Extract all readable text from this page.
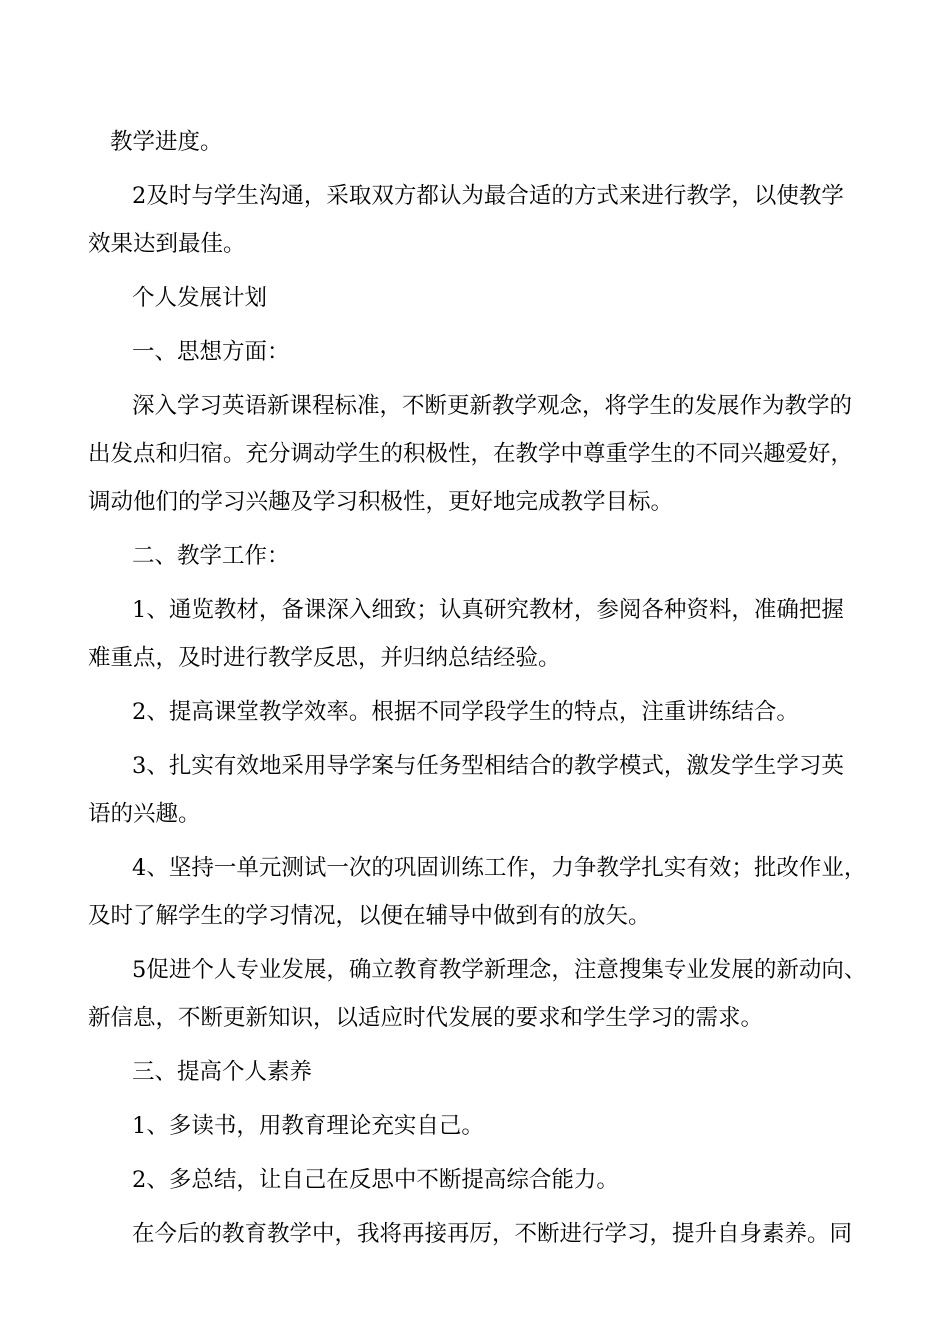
教学进度。

2及时与学生沟通，采取双方都认为最合适的方式来进行教学，以使教学
效果达到最佳。

个人发展计划

一、思想方面：

深入学习英语新课程标准，不断更新教学观念，将学生的发展作为教学的
出发点和归宿。充分调动学生的积极性，在教学中尊重学生的不同兴趣爱好，
调动他们的学习兴趣及学习积极性，更好地完成教学目标。

二、教学工作：

1、通览教材，备课深入细致；认真研究教材，参阅各种资料，准确把握
难重点，及时进行教学反思，并归纳总结经验。

2、提高课堂教学效率。根据不同学段学生的特点，注重讲练结合。

3、扎实有效地采用导学案与任务型相结合的教学模式，激发学生学习英
语的兴趣。

4、坚持一单元测试一次的巩固训练工作，力争教学扎实有效；批改作业，
及时了解学生的学习情况，以便在辅导中做到有的放矢。

5促进个人专业发展，确立教育教学新理念，注意搜集专业发展的新动向、
新信息，不断更新知识，以适应时代发展的要求和学生学习的需求。

三、提高个人素养

1、多读书，用教育理论充实自己。

2、多总结，让自己在反思中不断提高综合能力。

在今后的教育教学中，我将再接再厉，不断进行学习，提升自身素养。同
